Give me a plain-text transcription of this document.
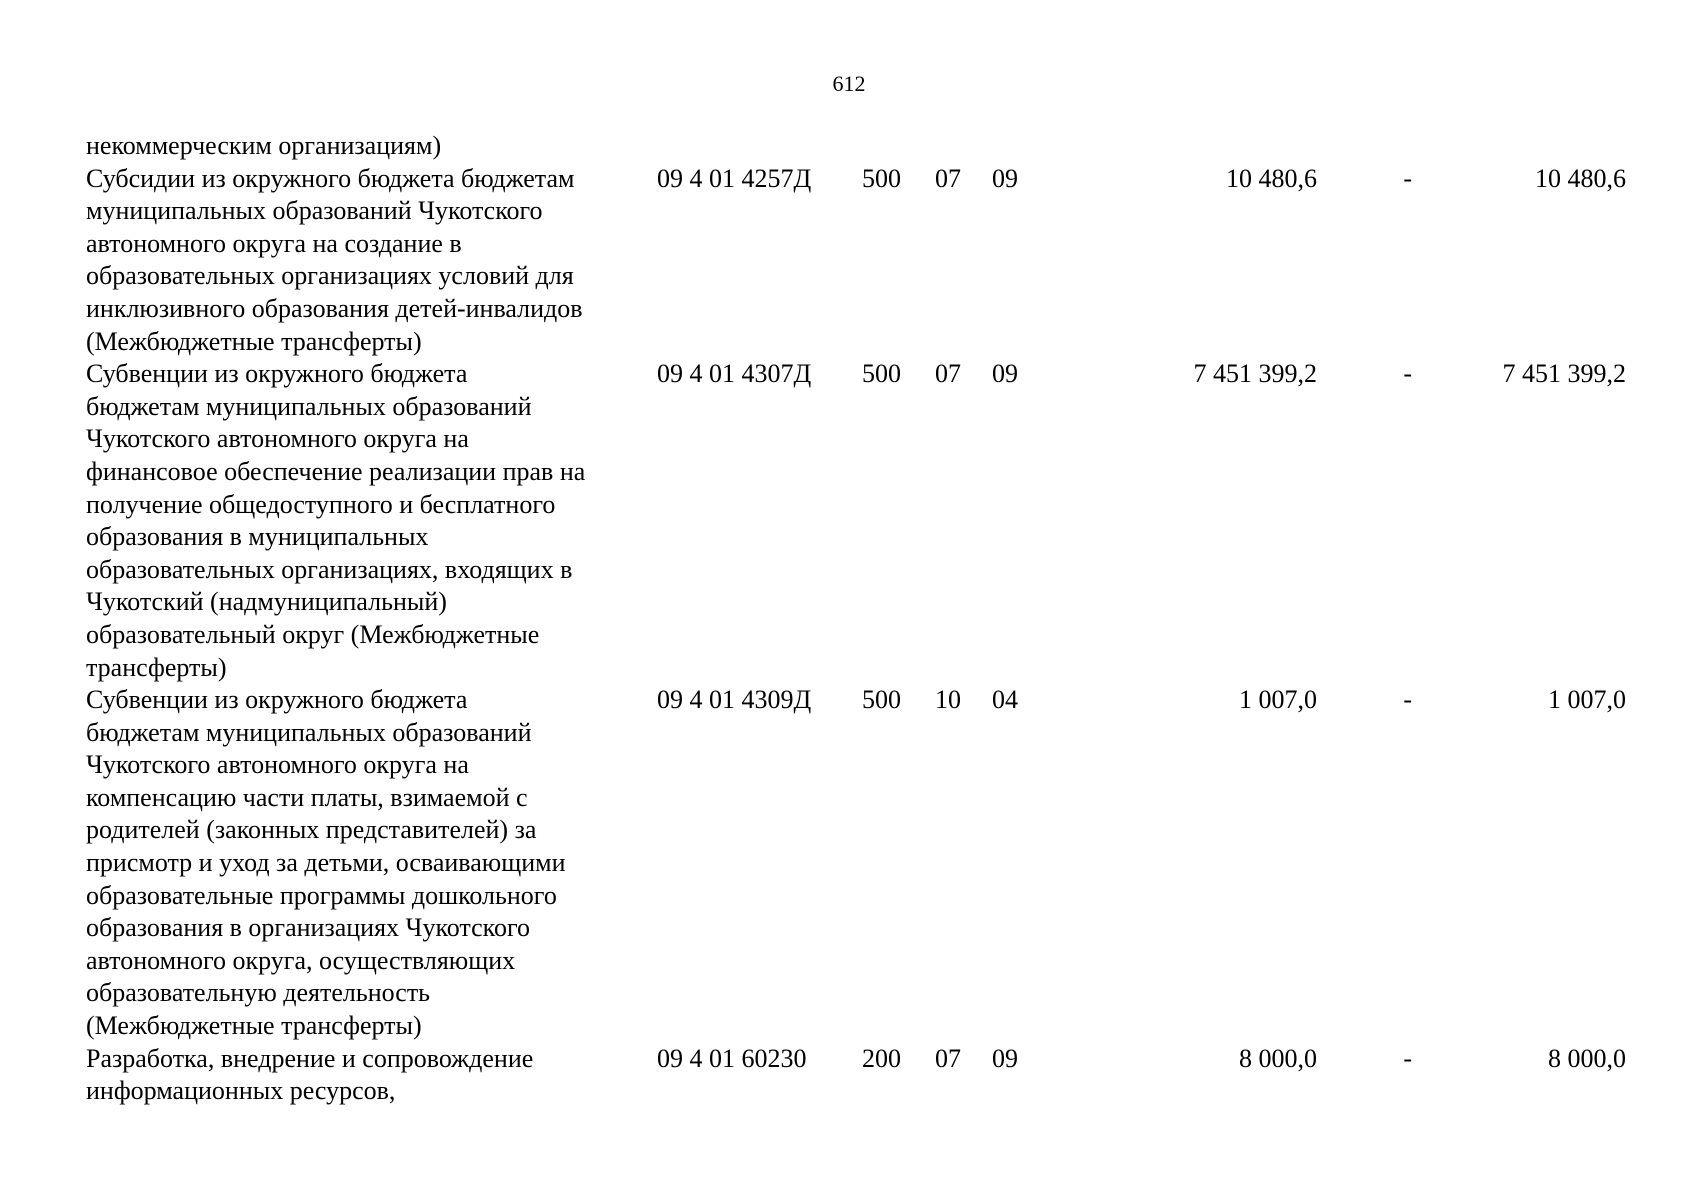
612
некоммерческим организациям)
Субсидии из окружного бюджета бюджетам
муниципальных образований Чукотского
автономного округа на создание в
образовательных организациях условий для
инклюзивного образования детей-инвалидов
(Межбюджетные трансферты)
09 4 01 4257Д 500 07 09	10 480,6	-	10 480,6
Субвенции из окружного бюджета
бюджетам муниципальных образований
Чукотского автономного округа на
финансовое обеспечение реализации прав на
получение общедоступного и бесплатного
образования в муниципальных
образовательных организациях, входящих в
Чукотский (надмуниципальный)
образовательный округ (Межбюджетные
трансферты)
09 4 01 4307Д 500 07 09	7 451 399,2	-	7 451 399,2
Субвенции из окружного бюджета
бюджетам муниципальных образований
Чукотского автономного округа на
компенсацию части платы, взимаемой с
родителей (законных представителей) за
присмотр и уход за детьми, осваивающими
образовательные программы дошкольного
образования в организациях Чукотского
автономного округа, осуществляющих
образовательную деятельность
(Межбюджетные трансферты)
09 4 01 4309Д 500 10 04	1 007,0	-	1 007,0
Разработка, внедрение и сопровождение
информационных ресурсов,
09 4 01 60230 200 07 09	8 000,0	-	8 000,0
